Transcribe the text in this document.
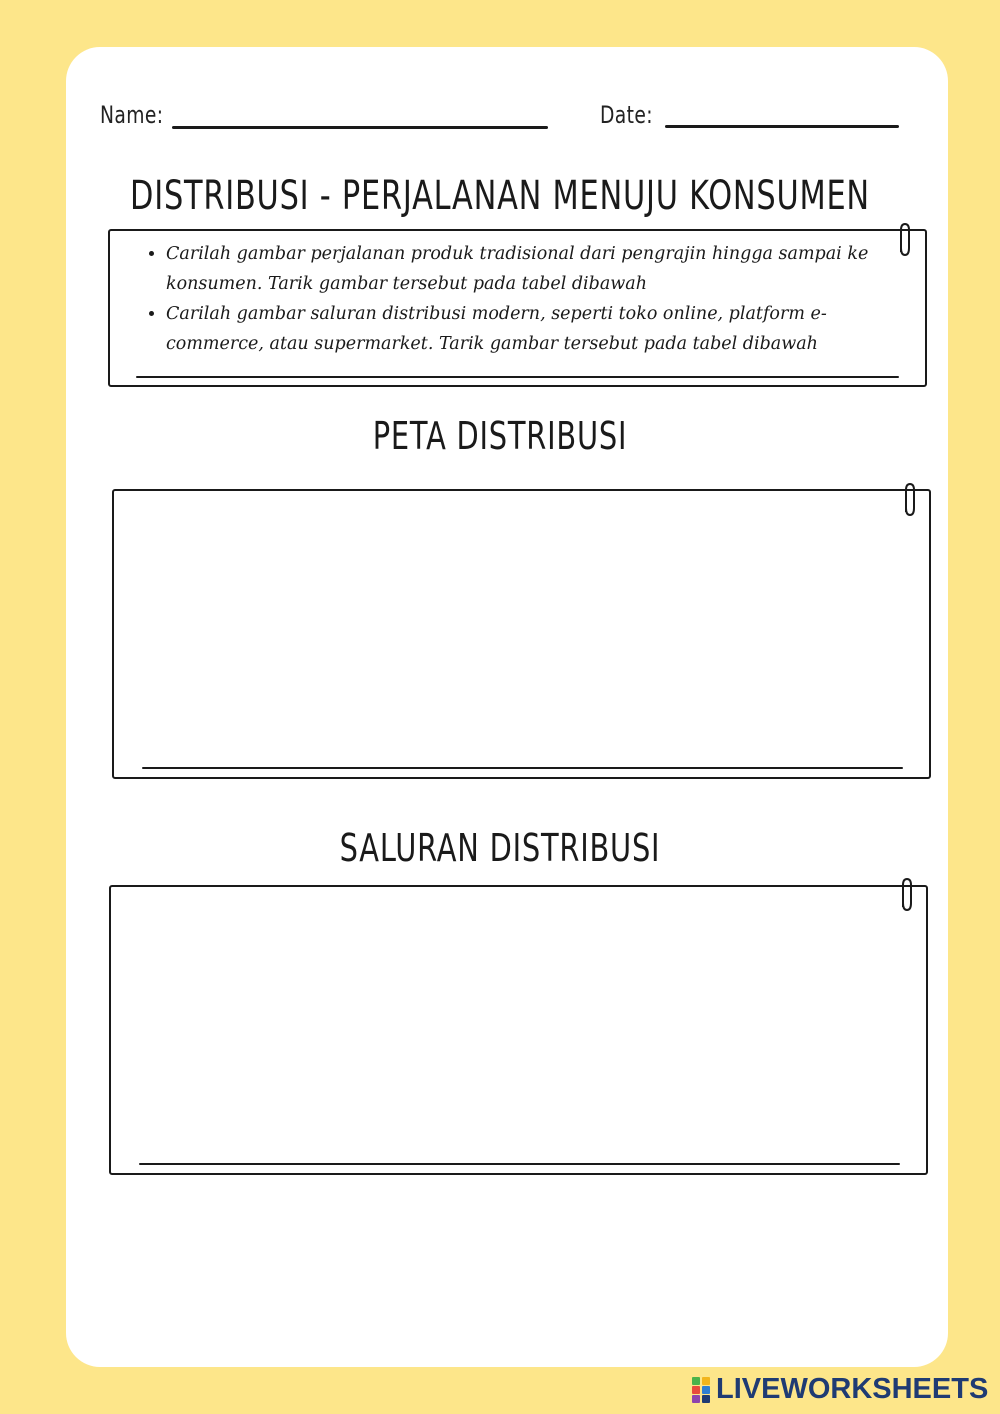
Name:	Date:
DISTRIBUSI - PERJALANAN MENUJU KONSUMEN
• Carilah gambar perjalanan produk tradisional dari pengrajin hingga sampai ke konsumen. Tarik gambar tersebut pada tabel dibawah
• Carilah gambar saluran distribusi modern, seperti toko online, platform e-commerce, atau supermarket. Tarik gambar tersebut pada tabel dibawah
PETA DISTRIBUSI
SALURAN DISTRIBUSI
LIVEWORKSHEETS
